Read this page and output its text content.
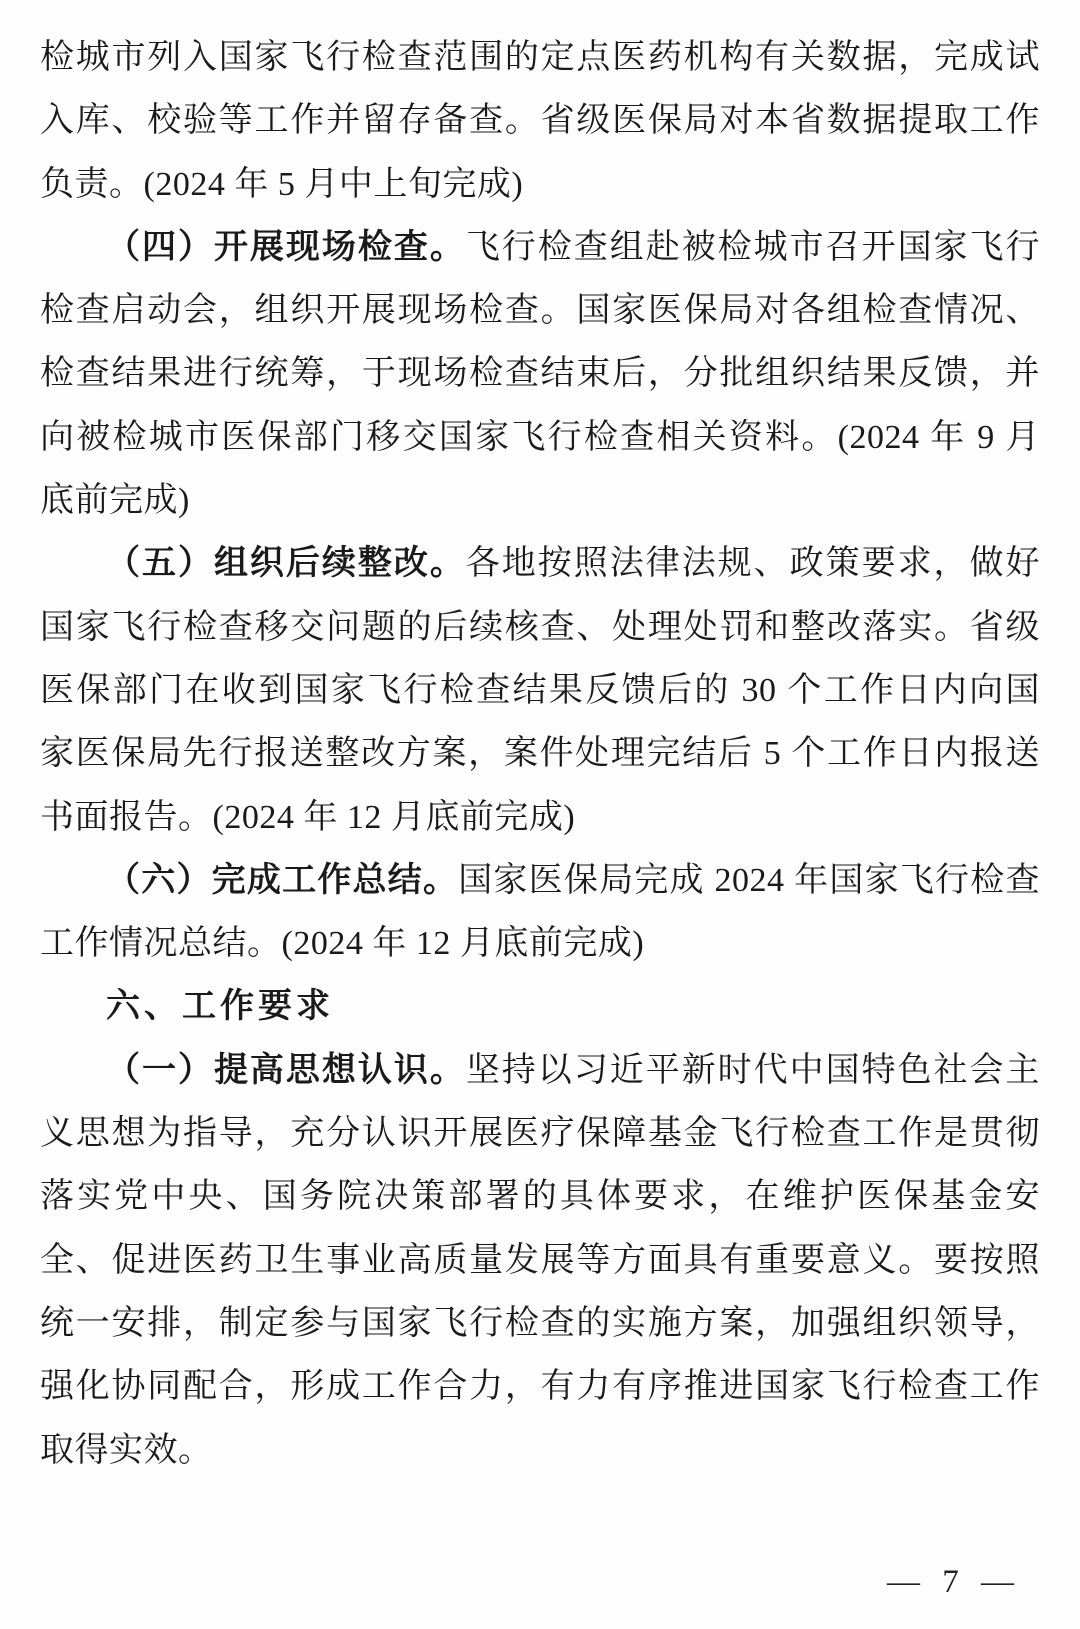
检城市列入国家飞行检查范围的定点医药机构有关数据，完成试
入库、校验等工作并留存备查。省级医保局对本省数据提取工作
负责。(2024 年 5 月中上旬完成)
（四）开展现场检查。飞行检查组赴被检城市召开国家飞行
检查启动会，组织开展现场检查。国家医保局对各组检查情况、
检查结果进行统筹，于现场检查结束后，分批组织结果反馈，并
向被检城市医保部门移交国家飞行检查相关资料。(2024 年 9 月
底前完成)
（五）组织后续整改。各地按照法律法规、政策要求，做好
国家飞行检查移交问题的后续核查、处理处罚和整改落实。省级
医保部门在收到国家飞行检查结果反馈后的 30 个工作日内向国
家医保局先行报送整改方案，案件处理完结后 5 个工作日内报送
书面报告。(2024 年 12 月底前完成)
（六）完成工作总结。国家医保局完成 2024 年国家飞行检查
工作情况总结。(2024 年 12 月底前完成)
六、工作要求
（一）提高思想认识。坚持以习近平新时代中国特色社会主
义思想为指导，充分认识开展医疗保障基金飞行检查工作是贯彻
落实党中央、国务院决策部署的具体要求，在维护医保基金安
全、促进医药卫生事业高质量发展等方面具有重要意义。要按照
统一安排，制定参与国家飞行检查的实施方案，加强组织领导，
强化协同配合，形成工作合力，有力有序推进国家飞行检查工作
取得实效。
— 7 —
